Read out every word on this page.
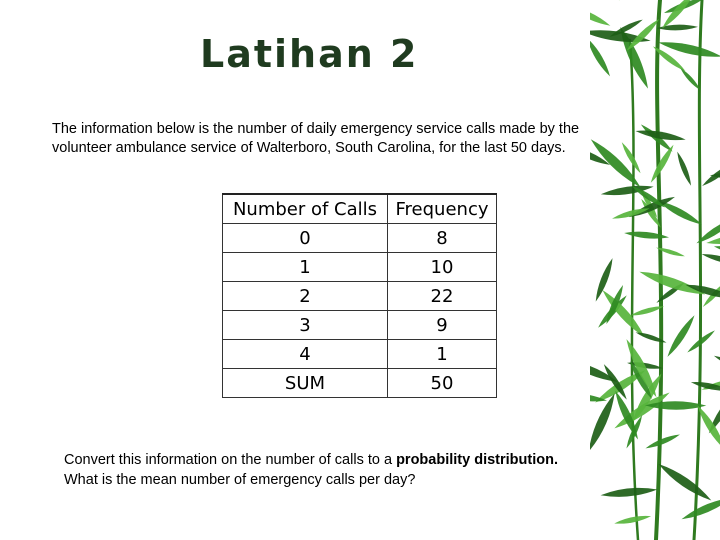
Latihan 2
The information below is the number of daily emergency service calls made by the volunteer ambulance service of Walterboro, South Carolina, for the last 50 days.
Number of Calls	Frequency
0	8
1	10
2	22
3	9
4	1
SUM	50
Convert this information on the number of calls to a probability distribution.
What is the mean number of emergency calls per day?
